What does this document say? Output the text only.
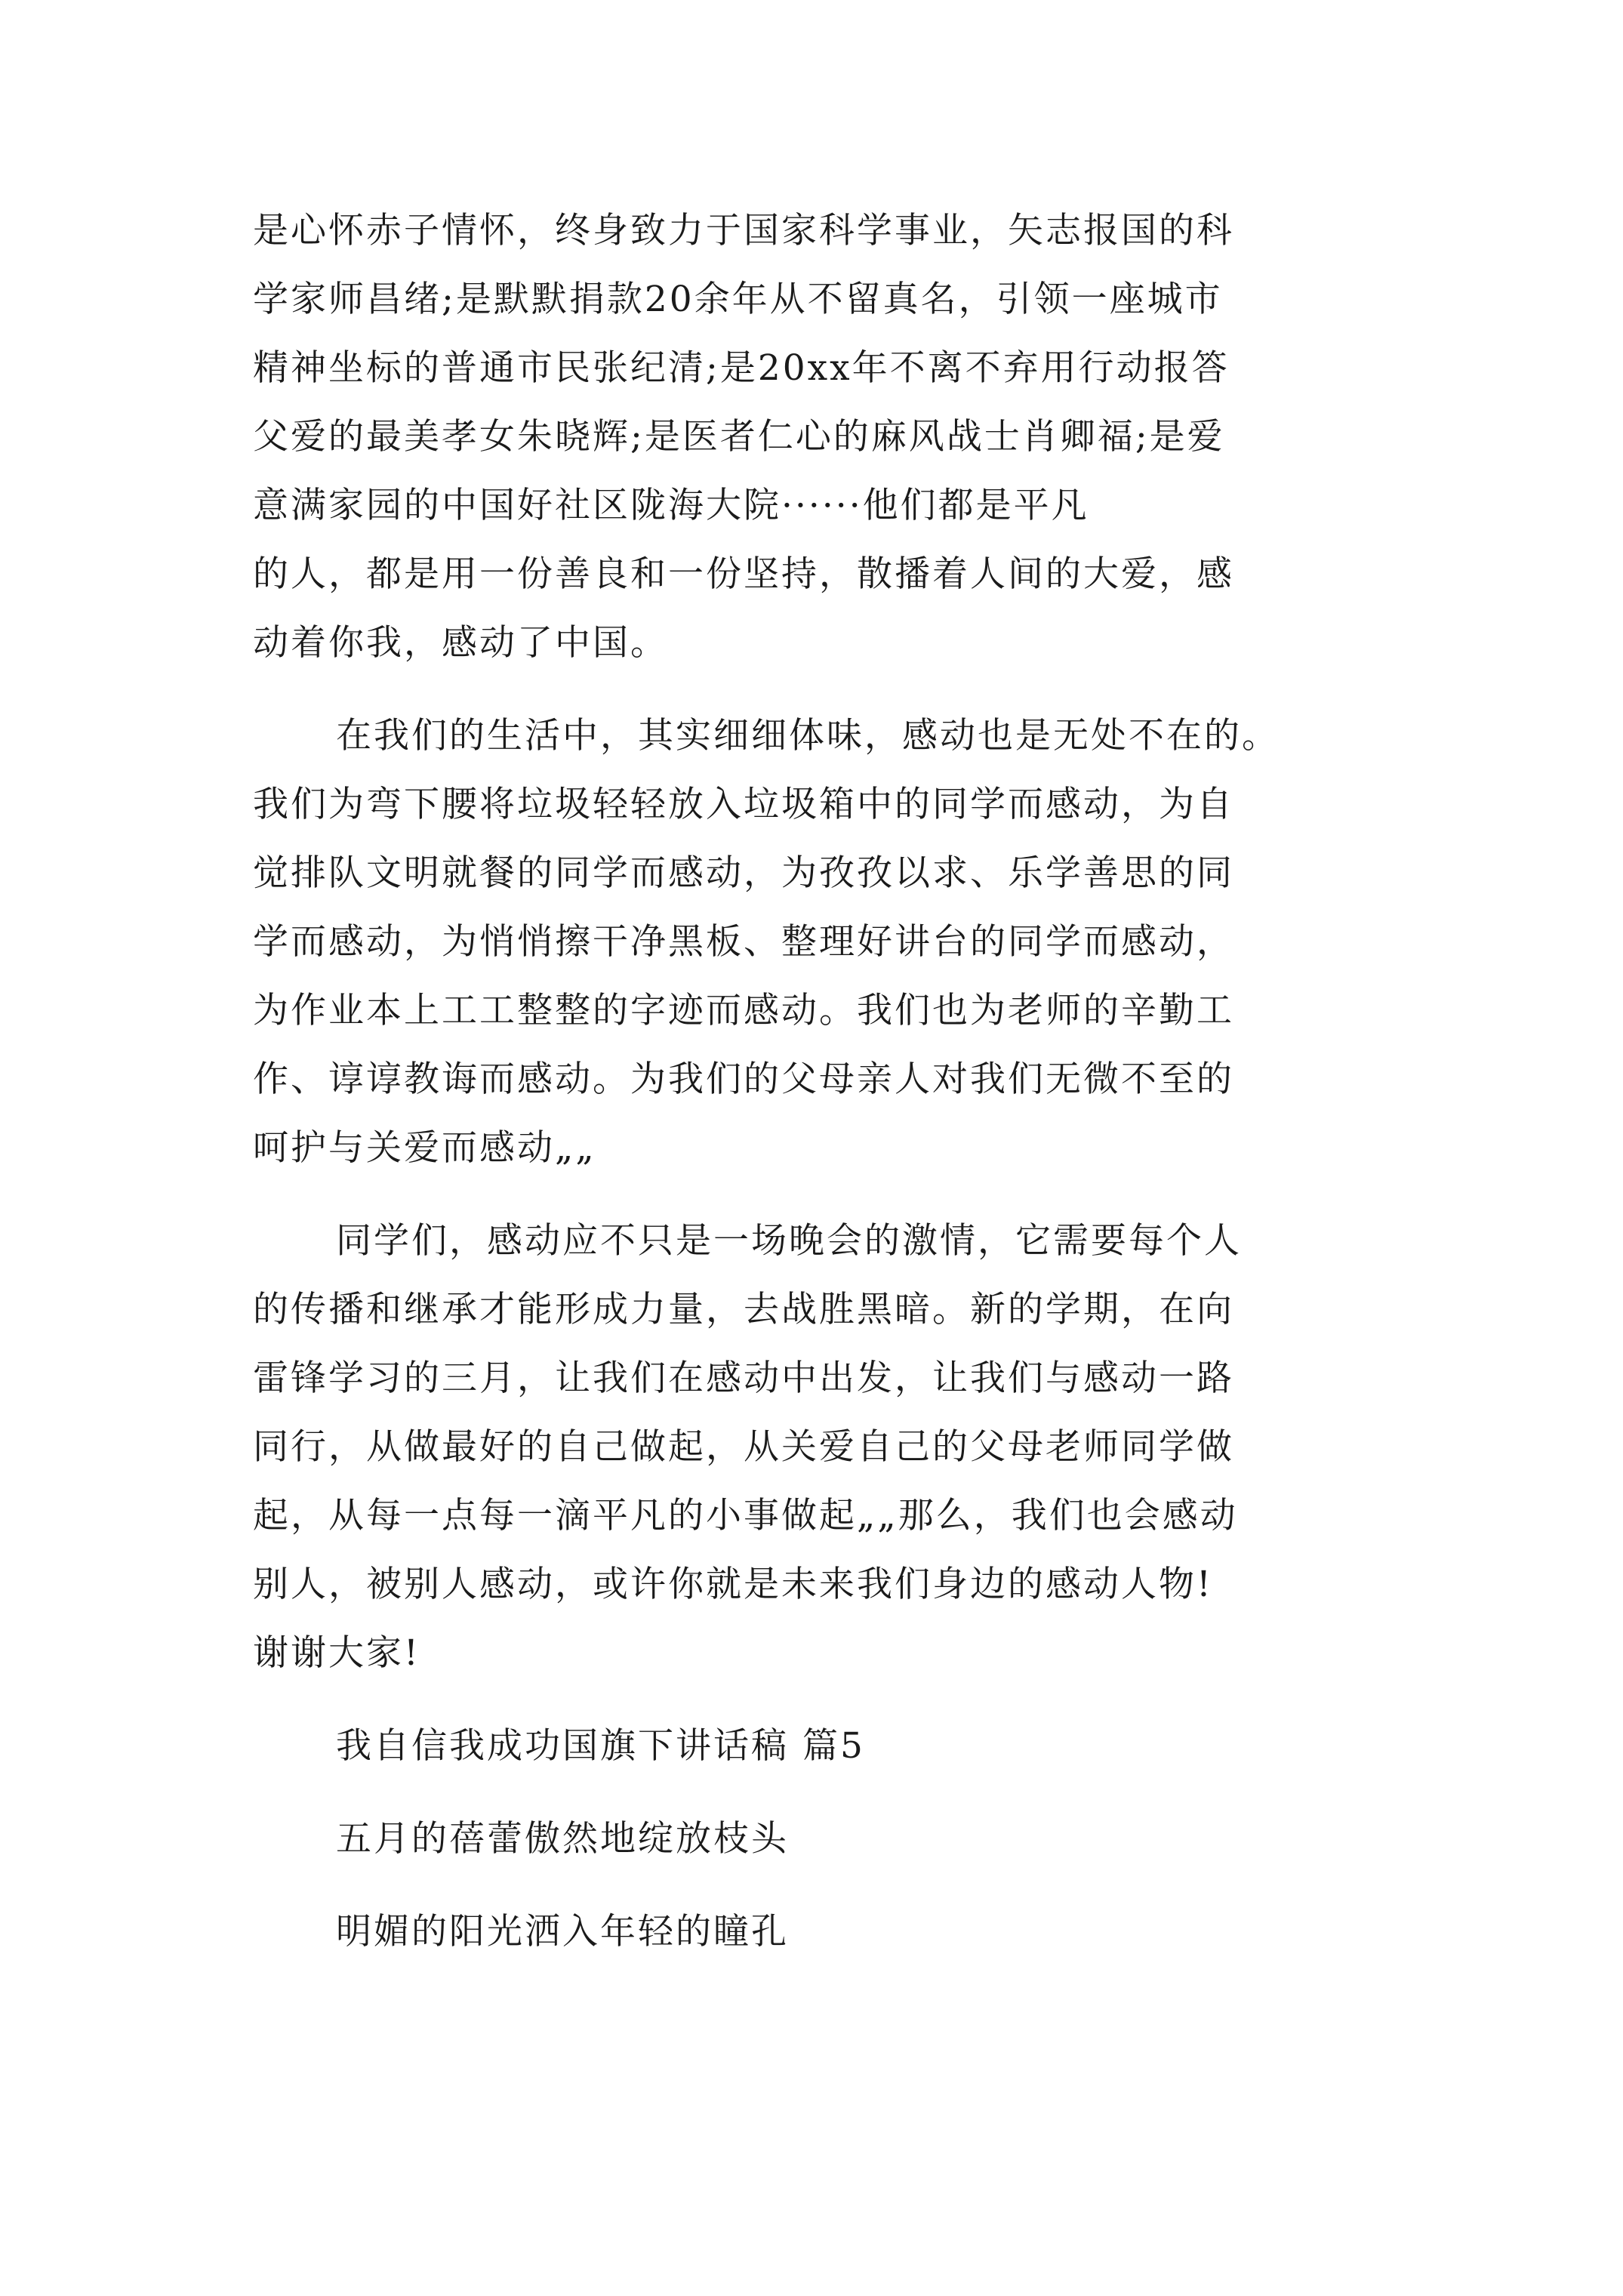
是心怀赤子情怀，终身致力于国家科学事业，矢志报国的科
学家师昌绪;是默默捐款20余年从不留真名，引领一座城市
精神坐标的普通市民张纪清;是20xx年不离不弃用行动报答
父爱的最美孝女朱晓辉;是医者仁心的麻风战士肖卿福;是爱
意满家园的中国好社区陇海大院······他们都是平凡
的人，都是用一份善良和一份坚持，散播着人间的大爱，感
动着你我，感动了中国。
在我们的生活中，其实细细体味，感动也是无处不在的。
我们为弯下腰将垃圾轻轻放入垃圾箱中的同学而感动，为自
觉排队文明就餐的同学而感动，为孜孜以求、乐学善思的同
学而感动，为悄悄擦干净黑板、整理好讲台的同学而感动，
为作业本上工工整整的字迹而感动。我们也为老师的辛勤工
作、谆谆教诲而感动。为我们的父母亲人对我们无微不至的
呵护与关爱而感动„„
同学们，感动应不只是一场晚会的激情，它需要每个人
的传播和继承才能形成力量，去战胜黑暗。新的学期，在向
雷锋学习的三月，让我们在感动中出发，让我们与感动一路
同行，从做最好的自己做起，从关爱自己的父母老师同学做
起，从每一点每一滴平凡的小事做起„„那么，我们也会感动
别人，被别人感动，或许你就是未来我们身边的感动人物!
谢谢大家!
我自信我成功国旗下讲话稿 篇5
五月的蓓蕾傲然地绽放枝头
明媚的阳光洒入年轻的瞳孔
